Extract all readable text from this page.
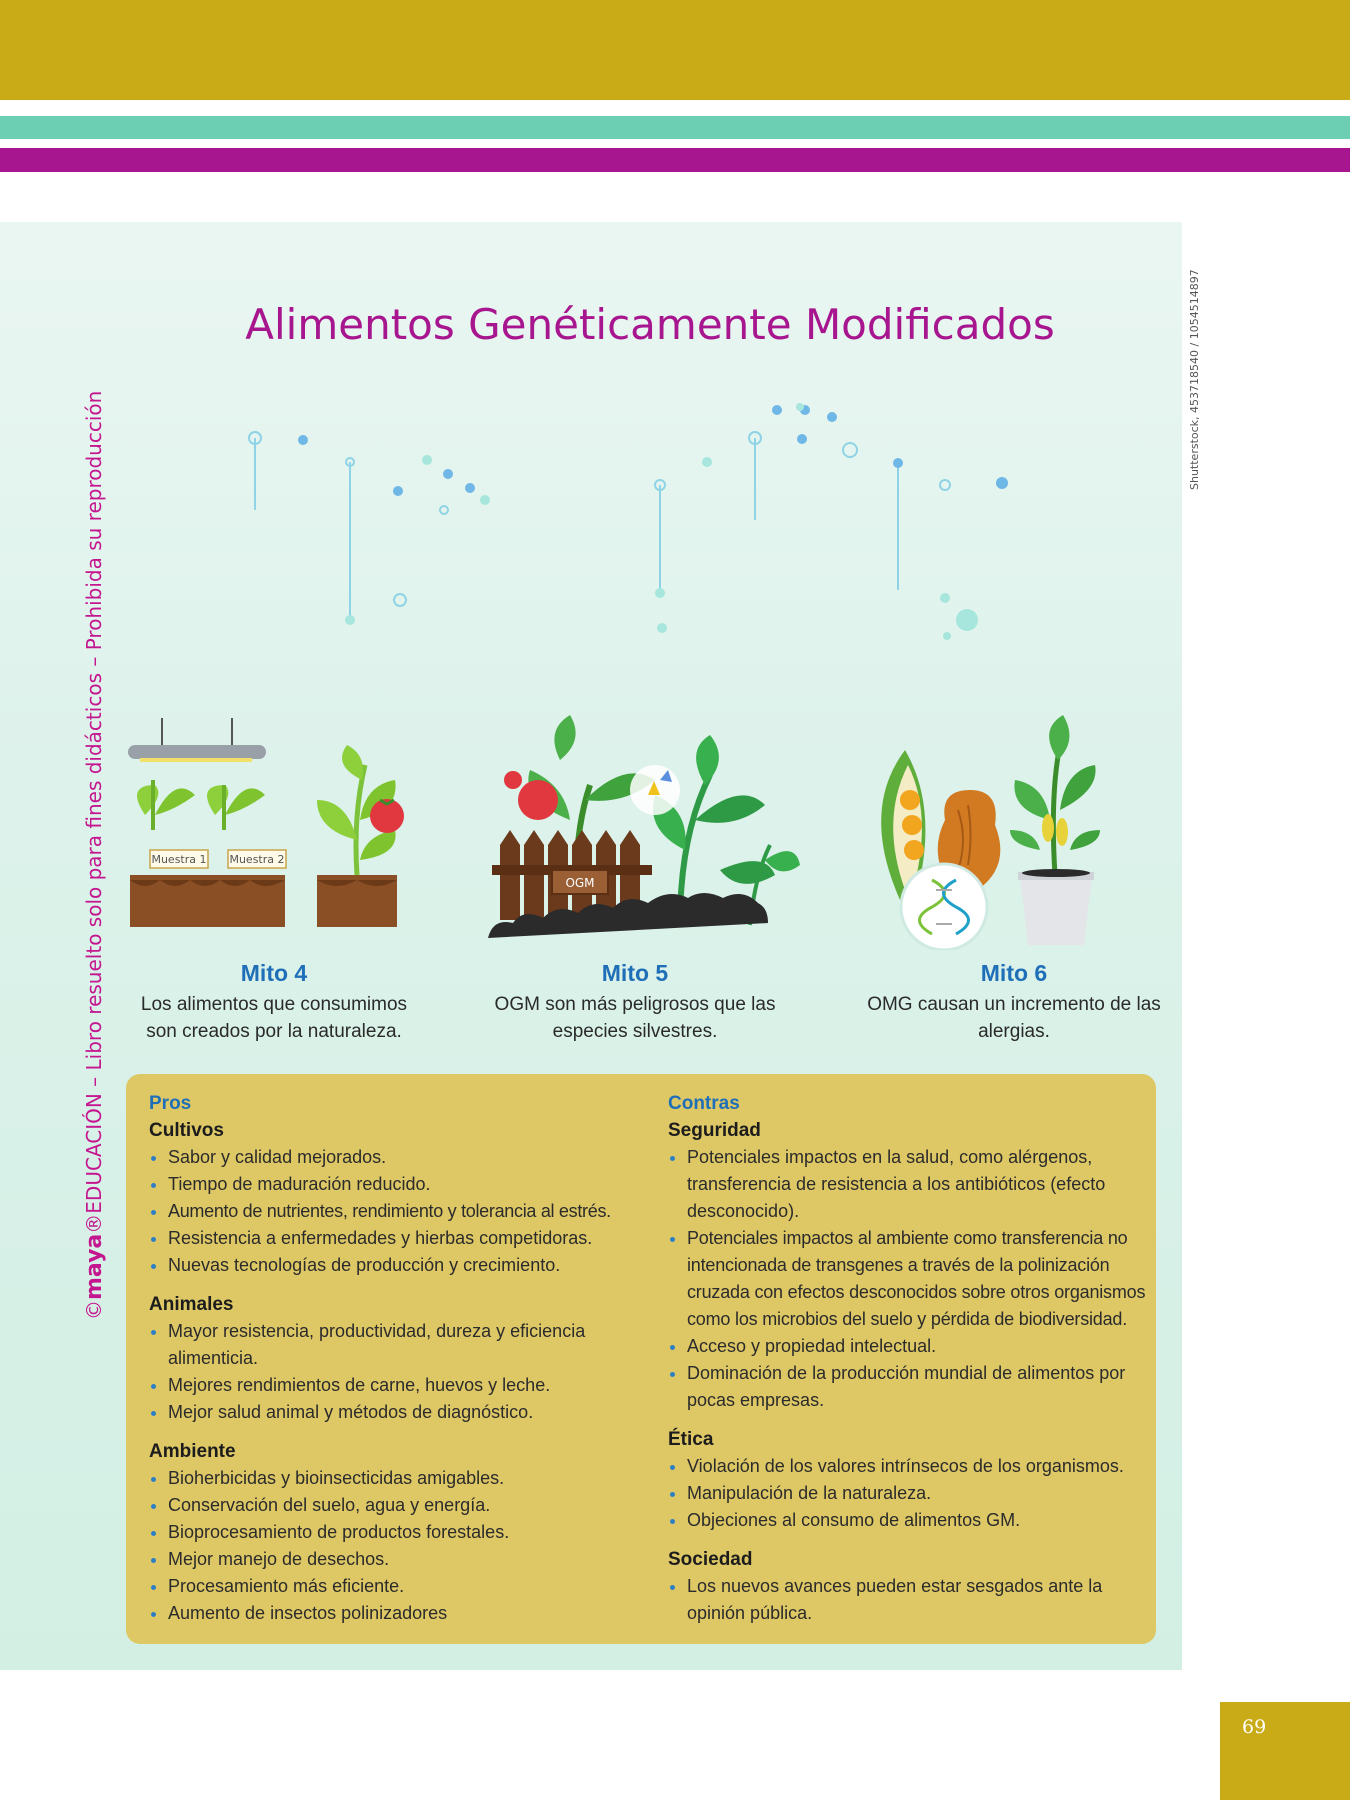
Shutterstock, 453718540 / 1054514897
©maya®EDUCACIÓN – Libro resuelto solo para fines didácticos – Prohibida su reproducción
Alimentos Genéticamente Modificados
Muestra 1 Muestra 2
OGM
Mito 4
Los alimentos que consumimos son creados por la naturaleza.
Mito 5
OGM son más peligrosos que las especies silvestres.
Mito 6
OMG causan un incremento de las alergias.
Pros
Cultivos
Sabor y calidad mejorados.
Tiempo de maduración reducido.
Aumento de nutrientes, rendimiento y tolerancia al estrés.
Resistencia a enfermedades y hierbas competidoras.
Nuevas tecnologías de producción y crecimiento.
Animales
Mayor resistencia, productividad, dureza y eficiencia alimenticia.
Mejores rendimientos de carne, huevos y leche.
Mejor salud animal y métodos de diagnóstico.
Ambiente
Bioherbicidas y bioinsecticidas amigables.
Conservación del suelo, agua y energía.
Bioprocesamiento de productos forestales.
Mejor manejo de desechos.
Procesamiento más eficiente.
Aumento de insectos polinizadores
Contras
Seguridad
Potenciales impactos en la salud, como alérgenos, transferencia de resistencia a los antibióticos (efecto desconocido).
Potenciales impactos al ambiente como transferencia no intencionada de transgenes a través de la polinización cruzada con efectos desconocidos sobre otros organismos como los microbios del suelo y pérdida de biodiversidad.
Acceso y propiedad intelectual.
Dominación de la producción mundial de alimentos por pocas empresas.
Ética
Violación de los valores intrínsecos de los organismos.
Manipulación de la naturaleza.
Objeciones al consumo de alimentos GM.
Sociedad
Los nuevos avances pueden estar sesgados ante la opinión pública.
69
